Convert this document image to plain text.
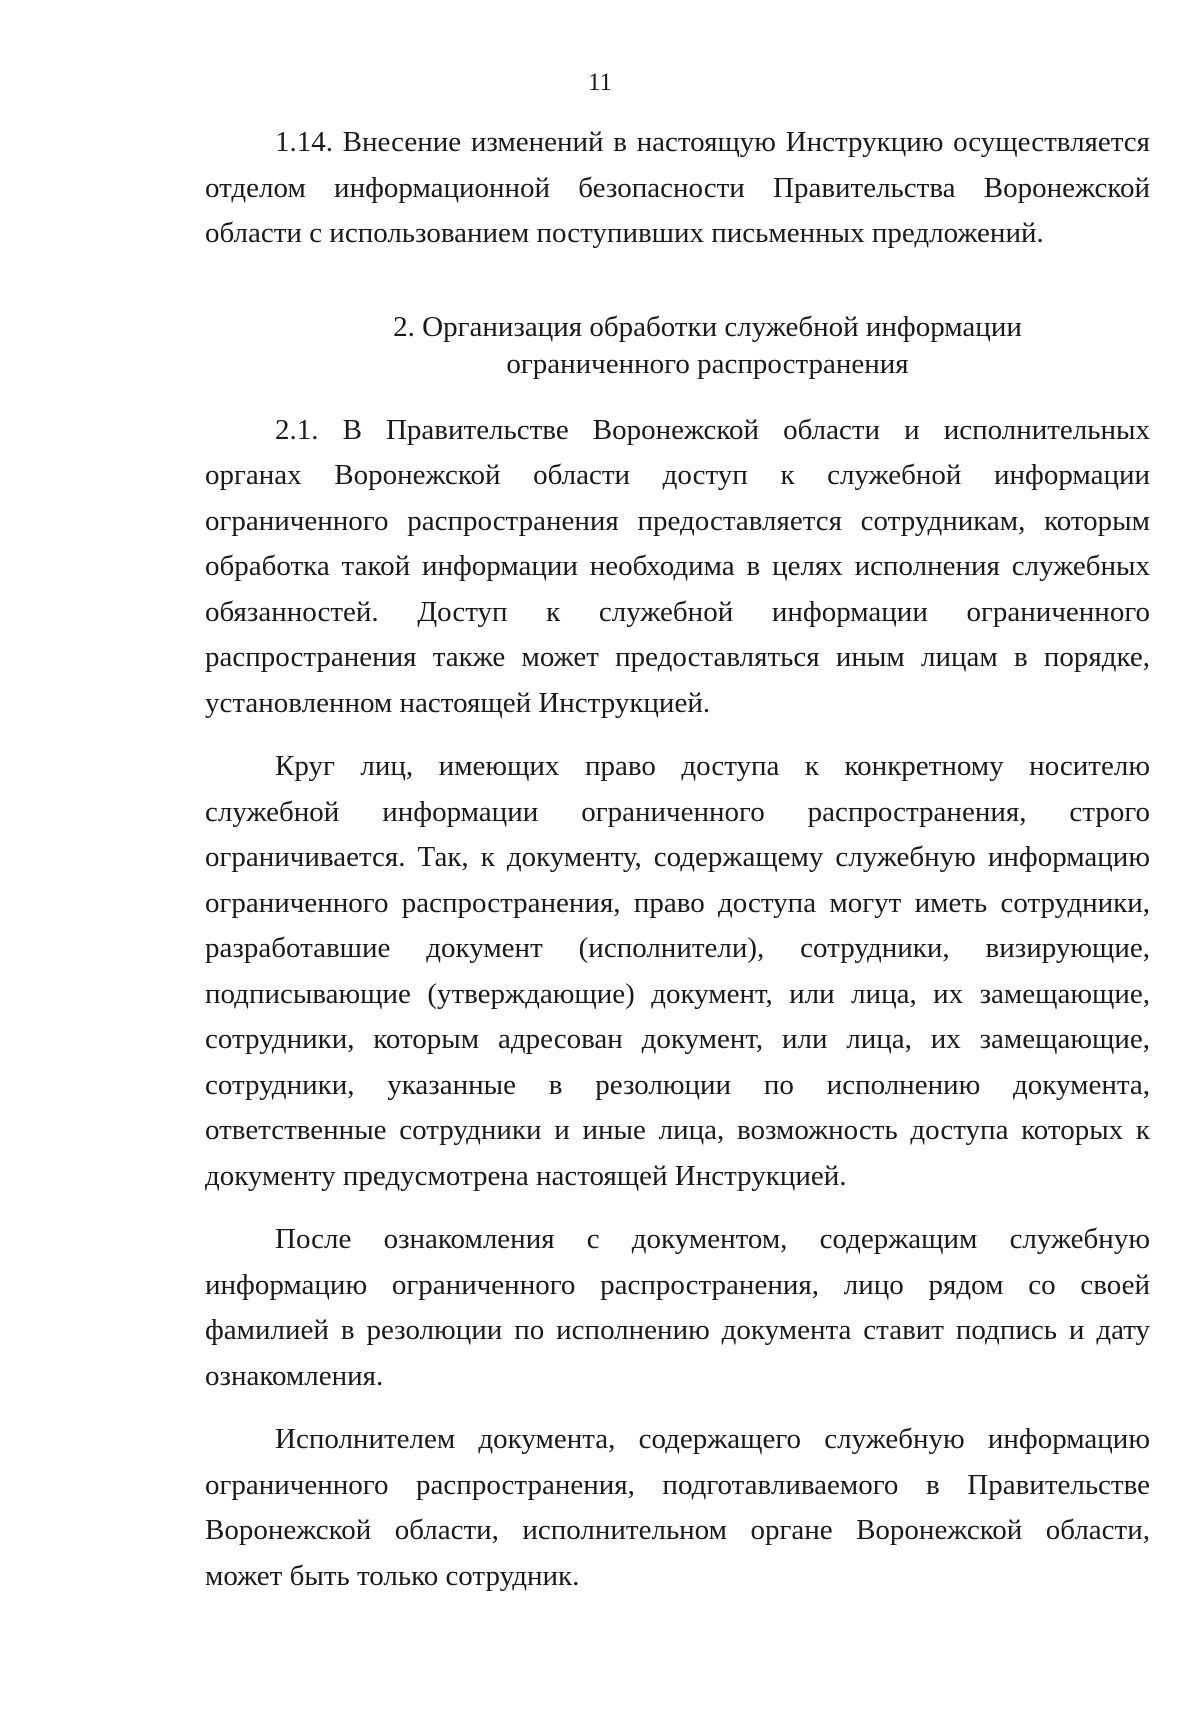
11

1.14. Внесение изменений в настоящую Инструкцию осуществляется отделом информационной безопасности Правительства Воронежской области с использованием поступивших письменных предложений.

2. Организация обработки служебной информации

ограниченного распространения

2.1. В Правительстве Воронежской области и исполнительных органах Воронежской области доступ к служебной информации ограниченного распространения предоставляется сотрудникам, которым обработка такой информации необходима в целях исполнения служебных обязанностей. Доступ к служебной информации ограниченного распространения также может предоставляться иным лицам в порядке, установленном настоящей Инструкцией.

Круг лиц, имеющих право доступа к конкретному носителю служебной информации ограниченного распространения, строго ограничивается. Так, к документу, содержащему служебную информацию ограниченного распространения, право доступа могут иметь сотрудники, разработавшие документ (исполнители), сотрудники, визирующие, подписывающие (утверждающие) документ, или лица, их замещающие, сотрудники, которым адресован документ, или лица, их замещающие, сотрудники, указанные в резолюции по исполнению документа, ответственные сотрудники и иные лица, возможность доступа которых к документу предусмотрена настоящей Инструкцией.

После ознакомления с документом, содержащим служебную информацию ограниченного распространения, лицо рядом со своей фамилией в резолюции по исполнению документа ставит подпись и дату ознакомления.

Исполнителем документа, содержащего служебную информацию ограниченного распространения, подготавливаемого в Правительстве Воронежской области, исполнительном органе Воронежской области, может быть только сотрудник.
